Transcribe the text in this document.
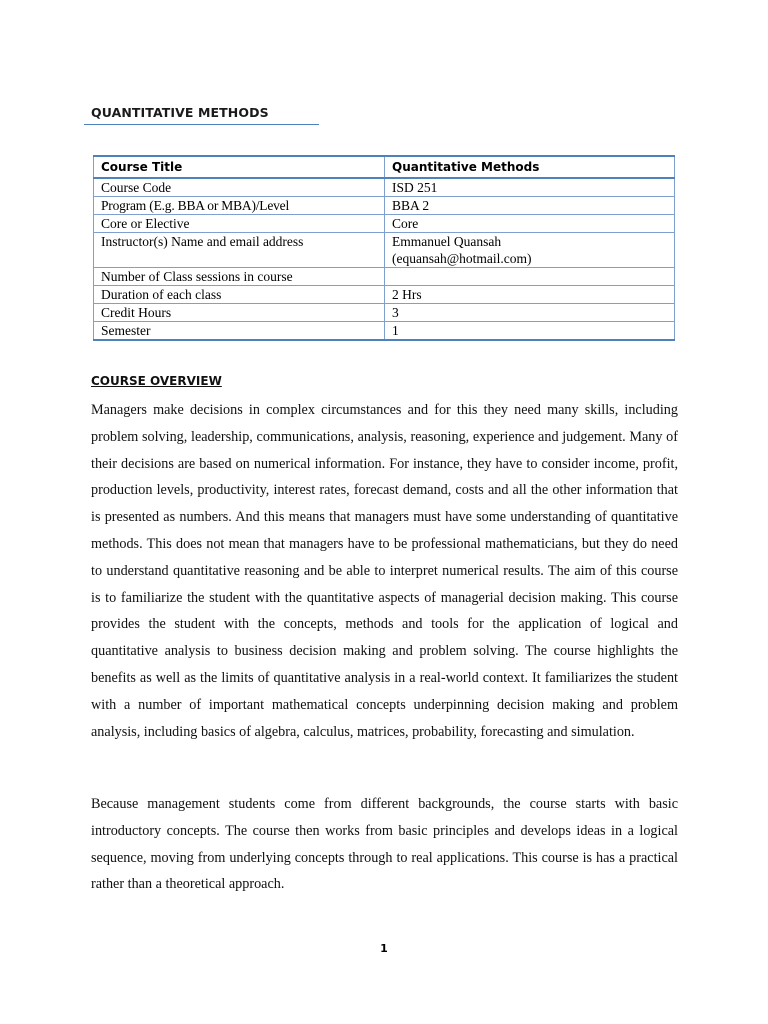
QUANTITATIVE METHODS
Course Title	Quantitative Methods
Course Code	ISD 251
Program (E.g. BBA or MBA)/Level	BBA 2
Core or Elective	Core
Instructor(s) Name and email address	Emmanuel Quansah
(equansah@hotmail.com)

Number of Class sessions in course	
Duration of each class	2 Hrs
Credit Hours	3
Semester	1
COURSE OVERVIEW

Managers make decisions in complex circumstances and for this they need many skills, including problem solving, leadership, communications, analysis, reasoning, experience and judgement. Many of their decisions are based on numerical information. For instance, they have to consider income, profit, production levels, productivity, interest rates, forecast demand, costs and all the other information that is presented as numbers. And this means that managers must have some understanding of quantitative methods. This does not mean that managers have to be professional mathematicians, but they do need to understand quantitative reasoning and be able to interpret numerical results. The aim of this course is to familiarize the student with the quantitative aspects of managerial decision making. This course provides the student with the concepts, methods and tools for the application of logical and quantitative analysis to business decision making and problem solving. The course highlights the benefits as well as the limits of quantitative analysis in a real-world context. It familiarizes the student with a number of important mathematical concepts underpinning decision making and problem analysis, including basics of algebra, calculus, matrices, probability, forecasting and simulation.

Because management students come from different backgrounds, the course starts with basic introductory concepts. The course then works from basic principles and develops ideas in a logical sequence, moving from underlying concepts through to real applications. This course is has a practical rather than a theoretical approach.

1
